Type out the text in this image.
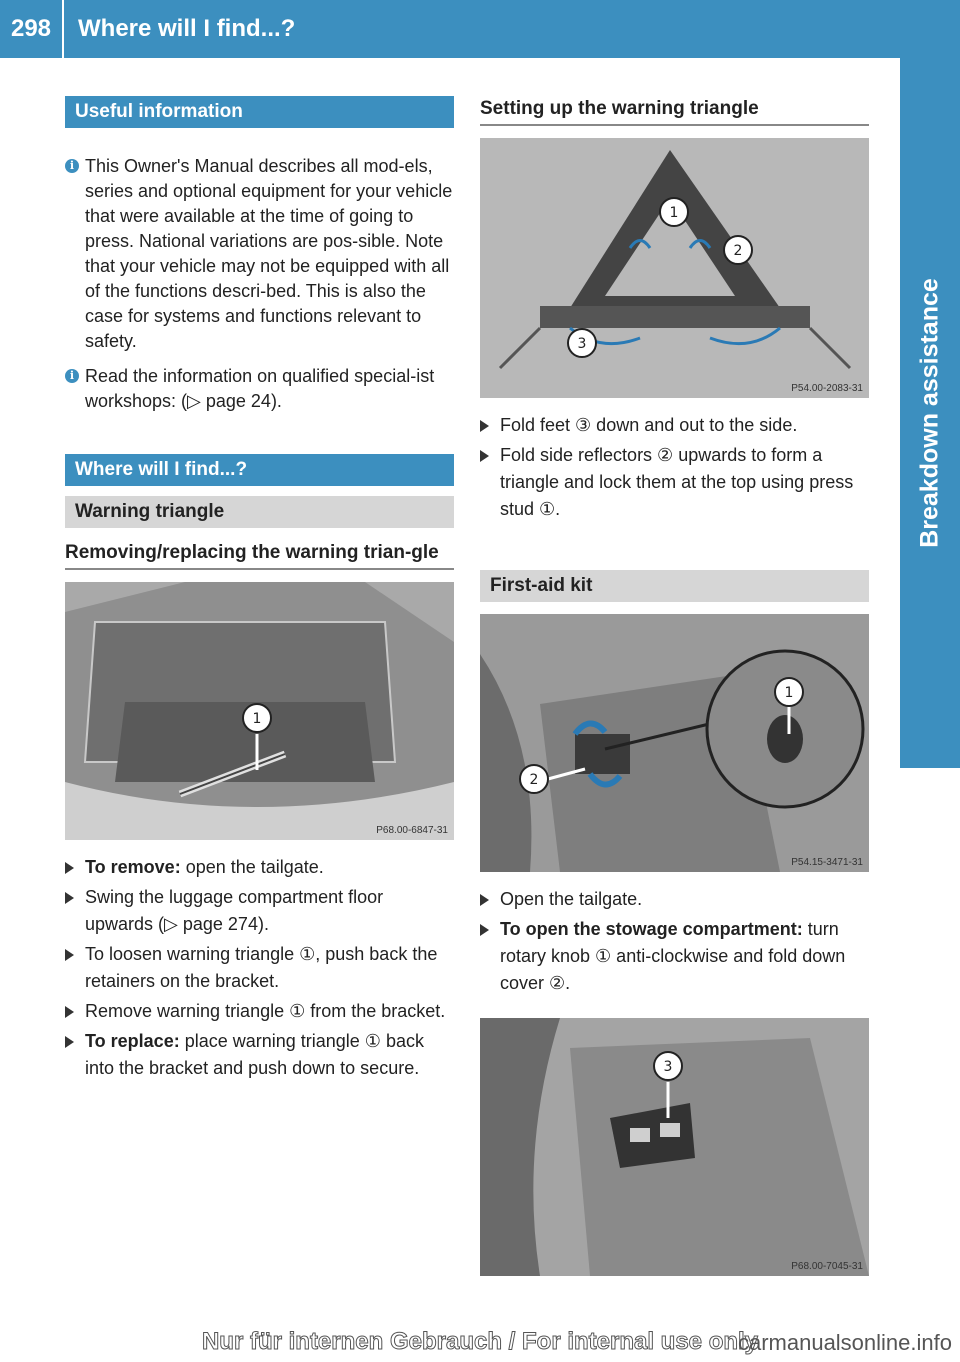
298	Where will I find...?
Breakdown assistance
Useful information
i This Owner's Manual describes all mod-els, series and optional equipment for your vehicle that were available at the time of going to press. National variations are pos-sible. Note that your vehicle may not be equipped with all of the functions descri-bed. This is also the case for systems and functions relevant to safety.
i Read the information on qualified special-ist workshops: (▷ page 24).
Where will I find...?
Warning triangle
Removing/replacing the warning trian-gle
1
P68.00-6847-31
To remove: open the tailgate.
Swing the luggage compartment floor upwards (▷ page 274).
To loosen warning triangle ①, push back the retainers on the bracket.
Remove warning triangle ① from the bracket.
To replace: place warning triangle ① back into the bracket and push down to secure.
Setting up the warning triangle
1
2
3
P54.00-2083-31
Fold feet ③ down and out to the side.
Fold side reflectors ② upwards to form a triangle and lock them at the top using press stud ①.
First-aid kit
1
2
P54.15-3471-31
Open the tailgate.
To open the stowage compartment: turn rotary knob ① anti-clockwise and fold down cover ②.
3
P68.00-7045-31
Nur für internen Gebrauch / For internal use only
carmanualsonline.info
